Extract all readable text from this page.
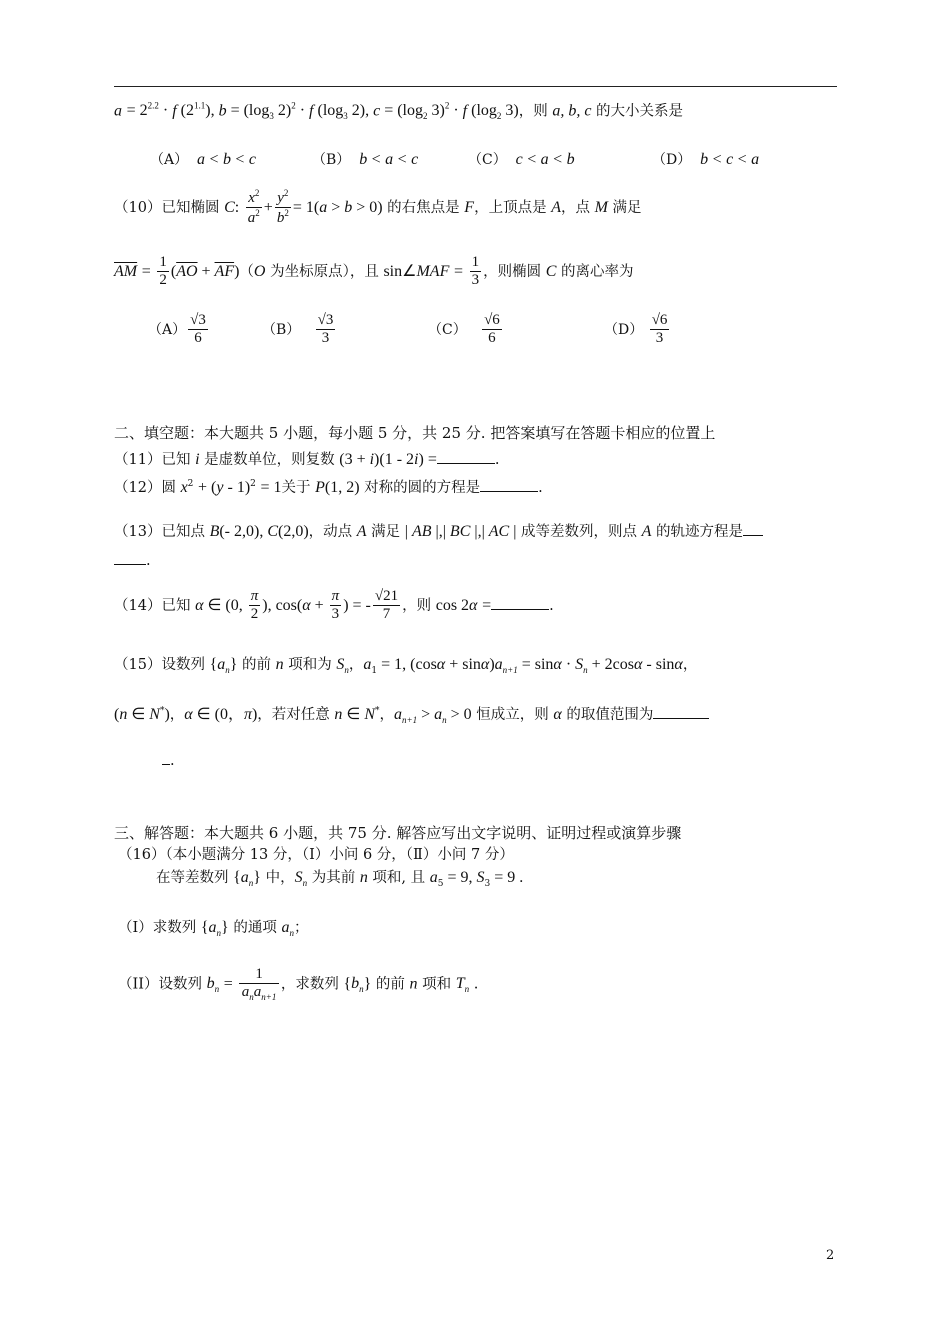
$a = 2^{2.2} \cdot f$ $(2^{1.1})$, $b = (\log_3$ 2)$^2$ · f ($\log_3$ 2), $c = (\log_2$ 3)$^2$ · f ($\log_2$ 3)，则 a, b, c 的大小关系是
（A）  a < b < c	（B）  b < a < c	（C）  c < a < b	（D）  b < c < a
（10）已知椭圆 C: $\frac{x^2}{a^2} + \frac{y^2}{b^2} = 1(a > b > 0)$ 的右焦点是 F，上顶点是 A，点 M 满足
$\overline{AM} = \frac{1}{2} (\overline{AO} + \overline{AF})(O$ 为坐标原点），且 sin∠MAF = $\frac{1}{3}$ ，则椭圆 C 的离心率为
$(A) \frac{√3}{6}$	$(B) \frac{√3}{3}$	$(C) \frac{√6}{6}$	$(D) \frac{√6}{3}$
二、填空题：本大题共 5 小题，每小题 5 分，共 25 分. 把答案填写在答题卡相应的位置上
（11）已知 i 是虚数单位，则复数 (3 + i)(1 - 2i) =	.
（12）圆 $x^2 + (y - 1)^2 = 1$关于 P(1, 2) 对称的圆的方程是	.
（13）已知点 B(- 2,0), C(2,0)，动点 A 满足 | AB |,| BC |,| AC | 成等差数列，则点 A 的轨迹方程是
.
（14）已知 α ∈ (0, $\frac{\pi}{2}$ ), $\cos(\alpha + \frac{\pi}{3}$ ) = - $\frac{√21}{7}$ ，则 cos 2α =	.
（15）设数列 $\{a_n\}$ 的前 n 项和为 $S_n$，$a_1 = 1$, $(\cos\alpha + \sin\alpha)a_{n+1} = \sin\alpha \cdot S_n + 2\cos\alpha - \sin\alpha$，
(n ∈ N*)，α ∈ (0，π)，若对任意 n ∈ N*，$a_{n+1} > a_n > 0$ 恒成立，则 α 的取值范围为
.
三、解答题：本大题共 6 小题，共 75 分. 解答应写出文字说明、证明过程或演算步骤
（16）（本小题满分 13 分，（Ⅰ）小问 6 分，（Ⅱ）小问 7 分）
在等差数列 $\{a_n\}$ 中，$S_n$ 为其前 n 项和, 且 $a_5 = 9$, $S_3 = 9$ .
（I）求数列 $\{a_n\}$ 的通项 $a_n$；
（II）设数列 $b_n = \frac{1}{a_na_{n+1}}$ ，求数列 $\{b_n\}$ 的前 n 项和 $T_n$ .
2
